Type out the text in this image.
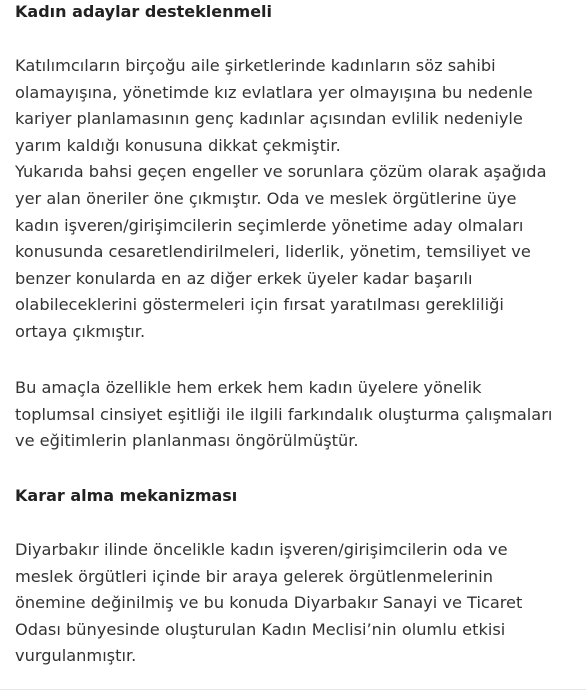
Kadın adaylar desteklenmeli
Katılımcıların birçoğu aile şirketlerinde kadınların söz sahibi
olamayışına, yönetimde kız evlatlara yer olmayışına bu nedenle
kariyer planlamasının genç kadınlar açısından evlilik nedeniyle
yarım kaldığı konusuna dikkat çekmiştir.
Yukarıda bahsi geçen engeller ve sorunlara çözüm olarak aşağıda
yer alan öneriler öne çıkmıştır. Oda ve meslek örgütlerine üye
kadın işveren/girişimcilerin seçimlerde yönetime aday olmaları
konusunda cesaretlendirilmeleri, liderlik, yönetim, temsiliyet ve
benzer konularda en az diğer erkek üyeler kadar başarılı
olabileceklerini göstermeleri için fırsat yaratılması gerekliliği
ortaya çıkmıştır.
Bu amaçla özellikle hem erkek hem kadın üyelere yönelik
toplumsal cinsiyet eşitliği ile ilgili farkındalık oluşturma çalışmaları
ve eğitimlerin planlanması öngörülmüştür.
Karar alma mekanizması
Diyarbakır ilinde öncelikle kadın işveren/girişimcilerin oda ve
meslek örgütleri içinde bir araya gelerek örgütlenmelerinin
önemine değinilmiş ve bu konuda Diyarbakır Sanayi ve Ticaret
Odası bünyesinde oluşturulan Kadın Meclisi’nin olumlu etkisi
vurgulanmıştır.
